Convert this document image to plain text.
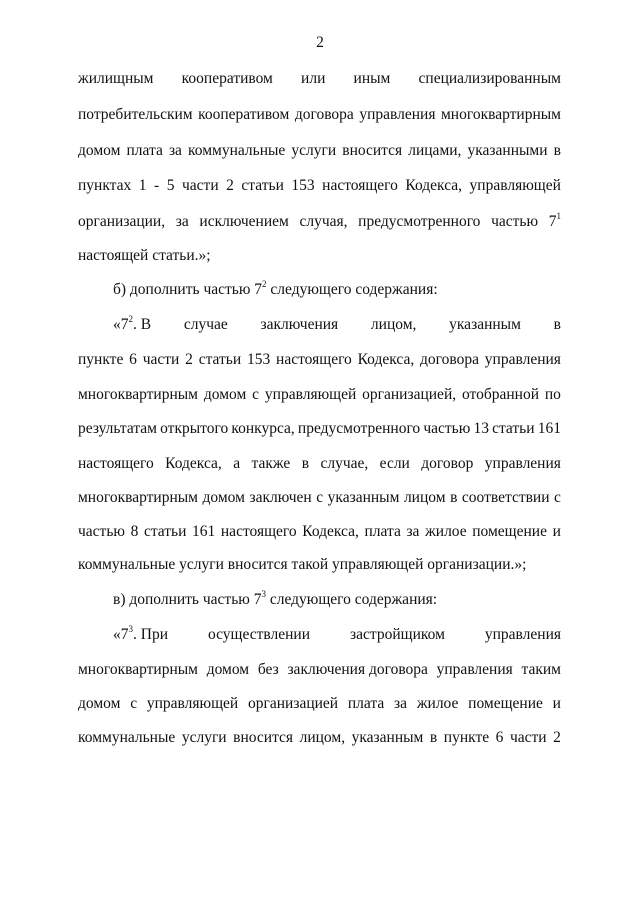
2
жилищным кооперативом или иным специализированным
потребительским кооперативом договора управления многоквартирным
домом плата за коммунальные услуги вносится лицами, указанными в
пунктах 1 - 5 части 2 статьи 153 настоящего Кодекса, управляющей
организации, за исключением случая, предусмотренного частью $7^1$
настоящей статьи.»;
б) дополнить частью $7^2$ следующего содержания:
«$7^2$. В случае заключения лицом, указанным в
пункте 6 части 2 статьи 153 настоящего Кодекса, договора управления
многоквартирным домом с управляющей организацией, отобранной по
результатам открытого конкурса, предусмотренного частью 13 статьи 161
настоящего Кодекса, а также в случае, если договор управления
многоквартирным домом заключен с указанным лицом в соответствии с
частью 8 статьи 161 настоящего Кодекса, плата за жилое помещение и
коммунальные услуги вносится такой управляющей организации.»;
в) дополнить частью $7^3$ следующего содержания:
«$7^3$. При	осуществлении	застройщиком	управления
многоквартирным домом без заключения договора управления таким
домом с управляющей организацией плата за жилое помещение и
коммунальные услуги вносится лицом, указанным в пункте 6 части 2
